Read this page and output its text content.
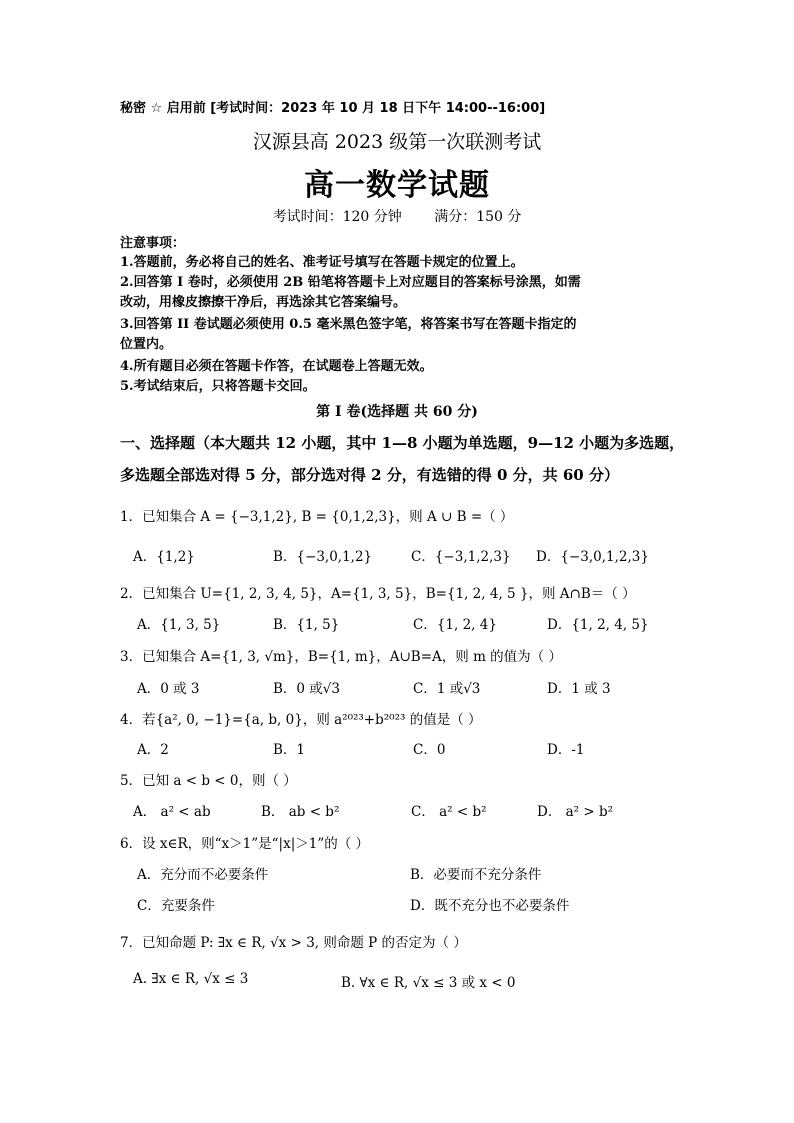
秘密 ☆ 启用前 [考试时间：2023 年 10 月 18 日下午 14:00--16:00]
汉源县高 2023 级第一次联测考试
高一数学试题
考试时间：120 分钟 满分：150 分
注意事项：
1.答题前，务必将自己的姓名、准考证号填写在答题卡规定的位置上。
2.回答第 I 卷时，必须使用 2B 铅笔将答题卡上对应题目的答案标号涂黑，如需
改动，用橡皮擦擦干净后，再选涂其它答案编号。
3.回答第 II 卷试题必须使用 0.5 毫米黑色签字笔，将答案书写在答题卡指定的
位置内。
4.所有题目必须在答题卡作答，在试题卷上答题无效。
5.考试结束后，只将答题卡交回。
第 I 卷(选择题 共 60 分)
一、选择题（本大题共 12 小题，其中 1—8 小题为单选题，9—12 小题为多选题，
多选题全部选对得 5 分，部分选对得 2 分，有选错的得 0 分，共 60 分）
1．已知集合 A = {−3,1,2}, B = {0,1,2,3}，则 A ∪ B =（ ）
A．{1,2}	B．{−3,0,1,2}	C．{−3,1,2,3} D．{−3,0,1,2,3}
2．已知集合 U={1, 2, 3, 4, 5}，A={1, 3, 5}，B={1, 2, 4, 5 }，则 A∩B＝（ ）
A．{1, 3, 5}	B．{1, 5}	C．{1, 2, 4}	D．{1, 2, 4, 5}
3．已知集合 A={1, 3, √m}，B={1, m}，A∪B=A，则 m 的值为（ ）
A．0 或 3	B．0 或√3	C．1 或√3	D．1 或 3
4．若{a², 0, −1}={a, b, 0}，则 a²⁰²³+b²⁰²³ 的值是（ ）
A．2	B．1	C．0	D．-1
5．已知 a < b < 0，则（ ）
A． a² < ab	B． ab < b²	C． a² < b²	D． a² > b²
6．设 x∈R，则“x＞1”是“|x|＞1”的（ ）
A．充分而不必要条件	B．必要而不充分条件
C．充要条件	D．既不充分也不必要条件
7．已知命题 P: ∃x ∈ R, √x > 3, 则命题 P 的否定为（ ）
A. ∃x ∈ R, √x ≤ 3	B. ∀x ∈ R, √x ≤ 3 或 x < 0
